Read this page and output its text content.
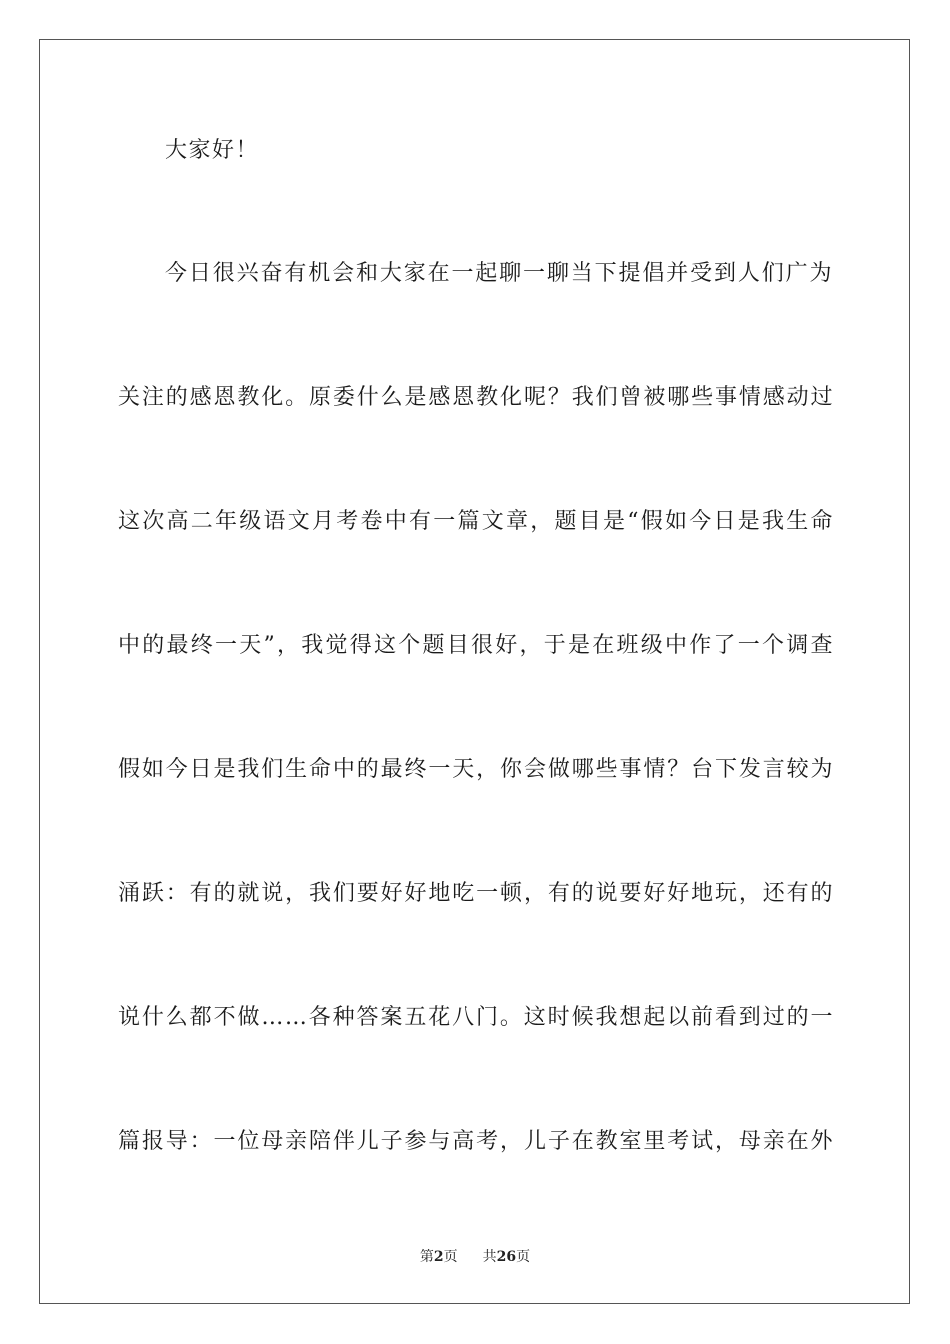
大家好！
今日很兴奋有机会和大家在一起聊一聊当下提倡并受到人们广为
关注的感恩教化。原委什么是感恩教化呢？我们曾被哪些事情感动过
这次高二年级语文月考卷中有一篇文章，题目是“假如今日是我生命
中的最终一天”，我觉得这个题目很好，于是在班级中作了一个调查
假如今日是我们生命中的最终一天，你会做哪些事情？台下发言较为
涌跃：有的就说，我们要好好地吃一顿，有的说要好好地玩，还有的
说什么都不做……各种答案五花八门。这时候我想起以前看到过的一
篇报导：一位母亲陪伴儿子参与高考，儿子在教室里考试，母亲在外
第2页 共26页
